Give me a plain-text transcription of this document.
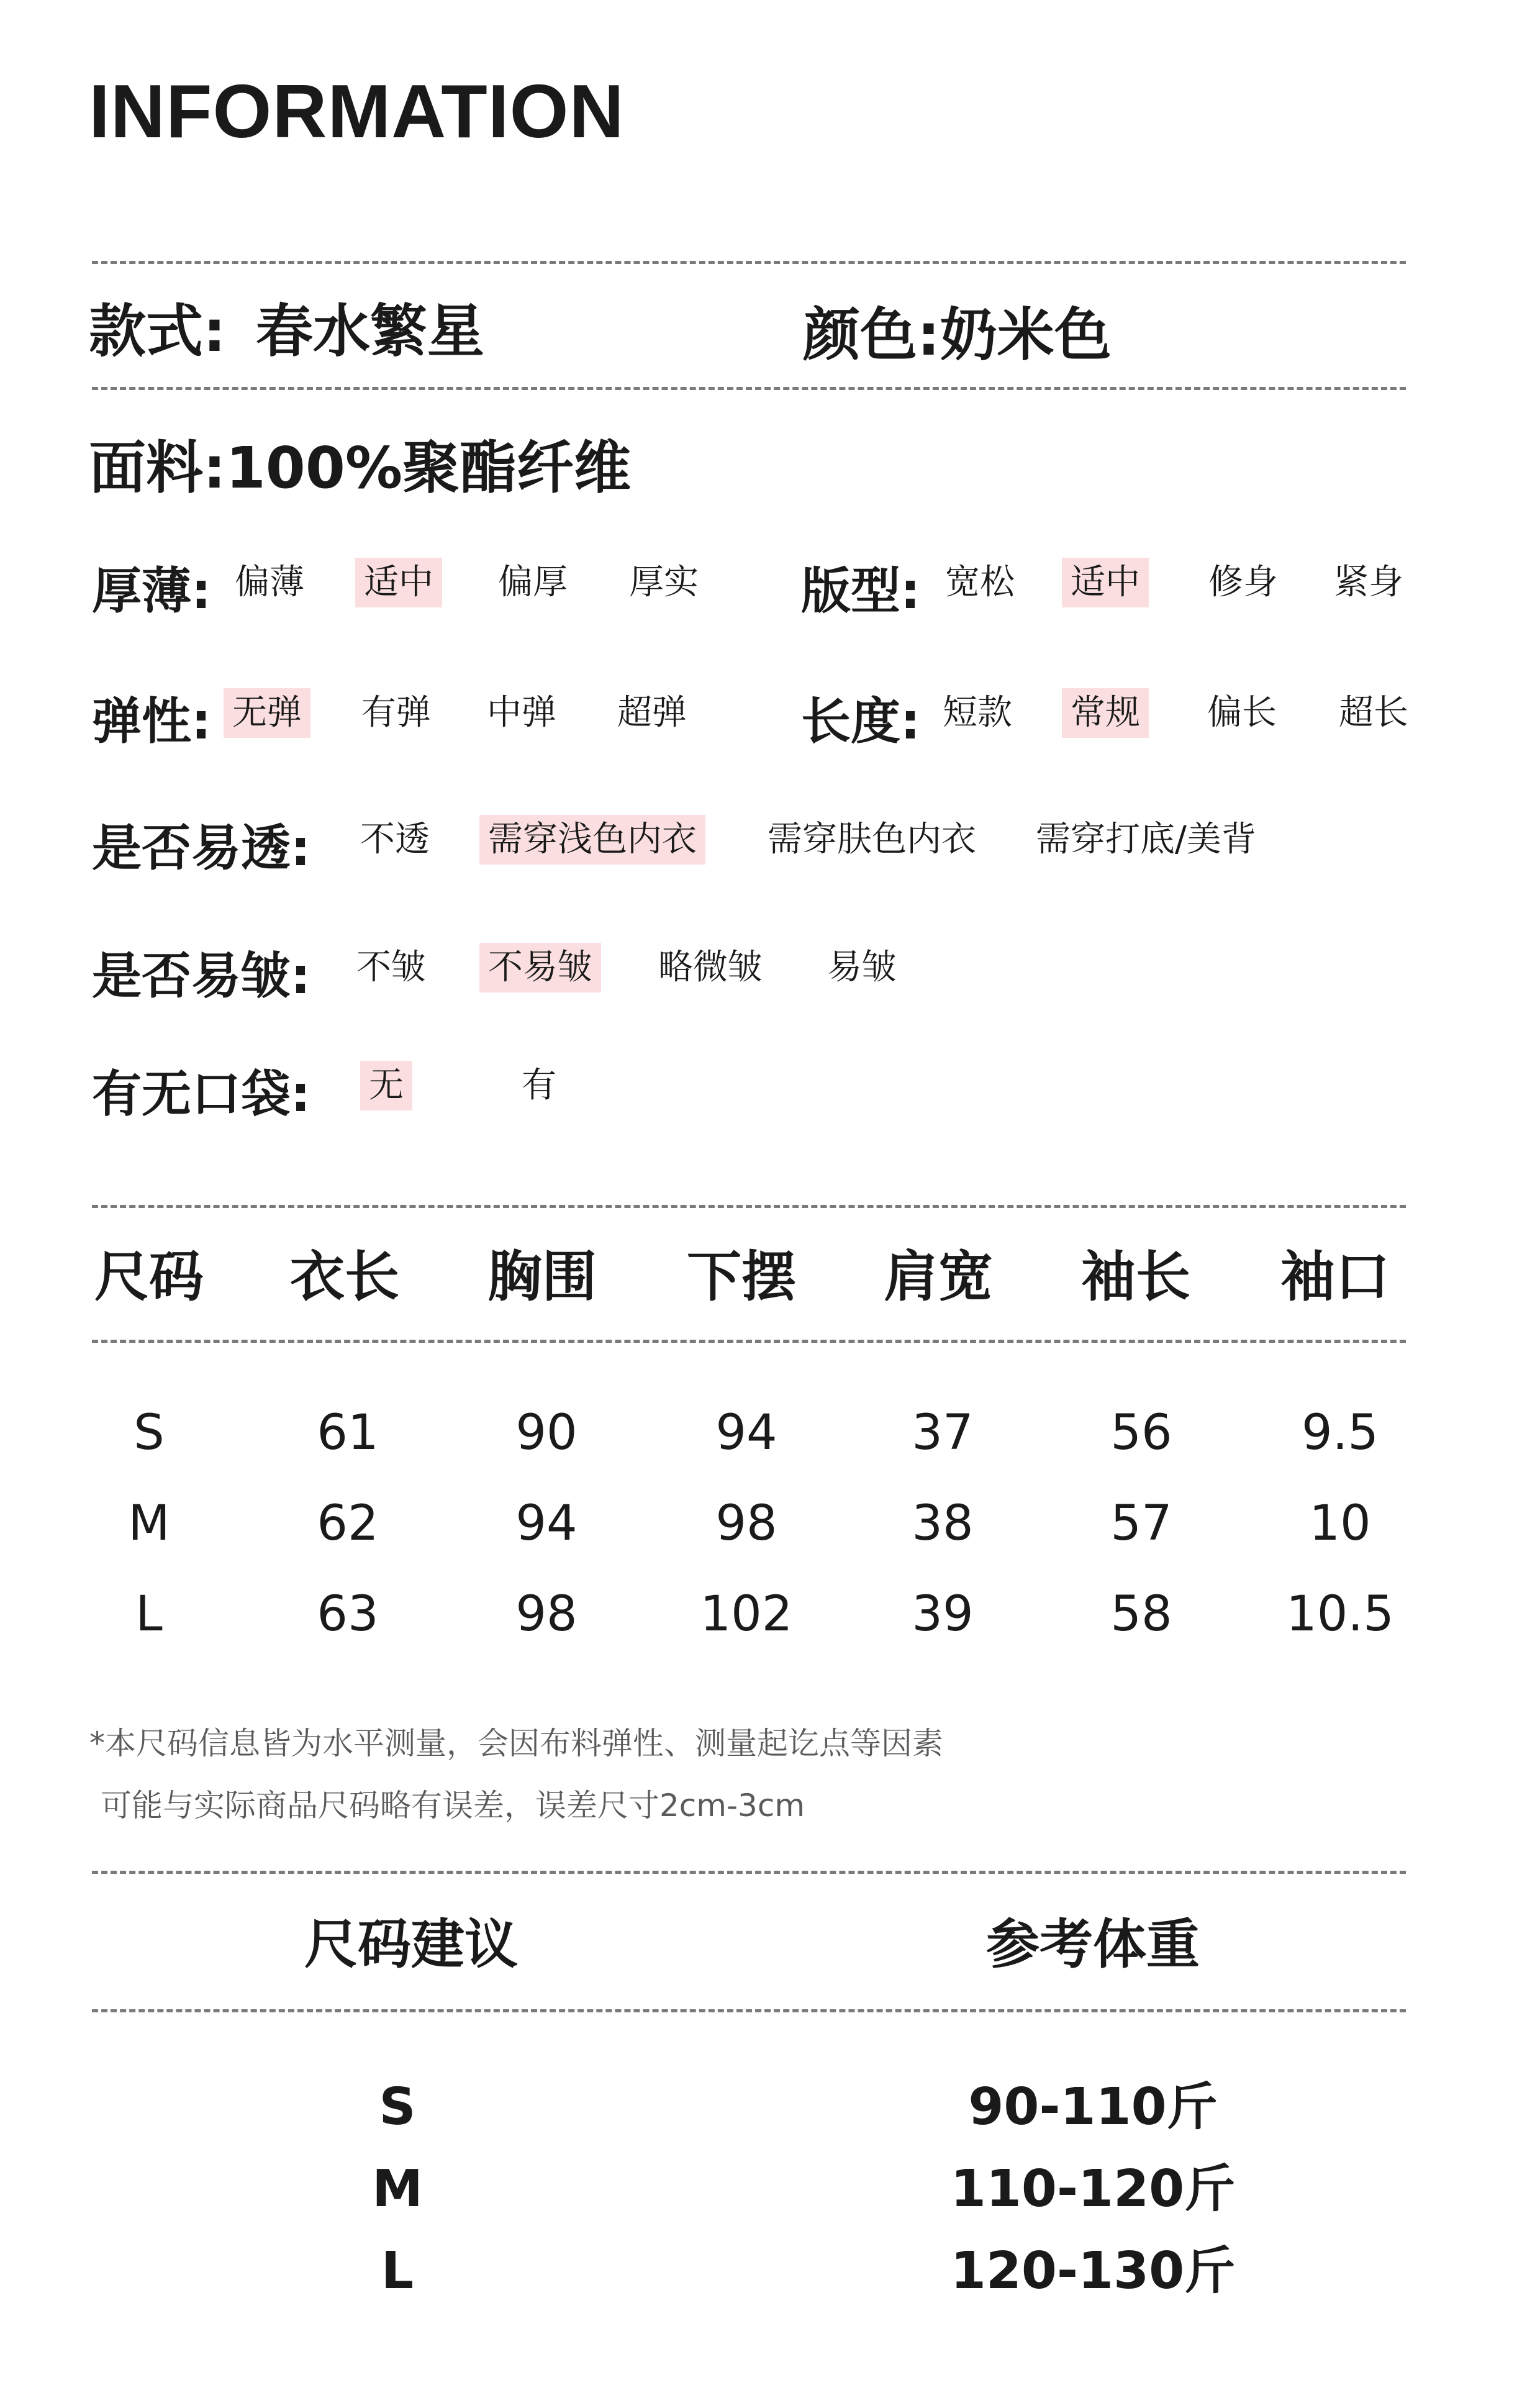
INFORMATION
款式: 春水繁星	颜色:奶米色
面料:100%聚酯纤维
厚薄: 偏薄 适中 偏厚 厚实 版型: 宽松 适中 修身 紧身
弹性: 无弹 有弹 中弹 超弹 长度: 短款 常规 偏长 超长
是否易透: 不透 需穿浅色内衣 需穿肤色内衣 需穿打底/美背
是否易皱: 不皱 不易皱 略微皱 易皱
有无口袋: 无	有
尺码 衣长 胸围 下摆 肩宽 袖长 袖口
S	61	90	94	37	56	9.5
M	62	94	98	38	57	10
L	63	98	102	39	58	10.5
*本尺码信息皆为水平测量，会因布料弹性、测量起讫点等因素
可能与实际商品尺码略有误差，误差尺寸2cm-3cm
尺码建议	参考体重
S	90-110斤
M	110-120斤
L	120-130斤
